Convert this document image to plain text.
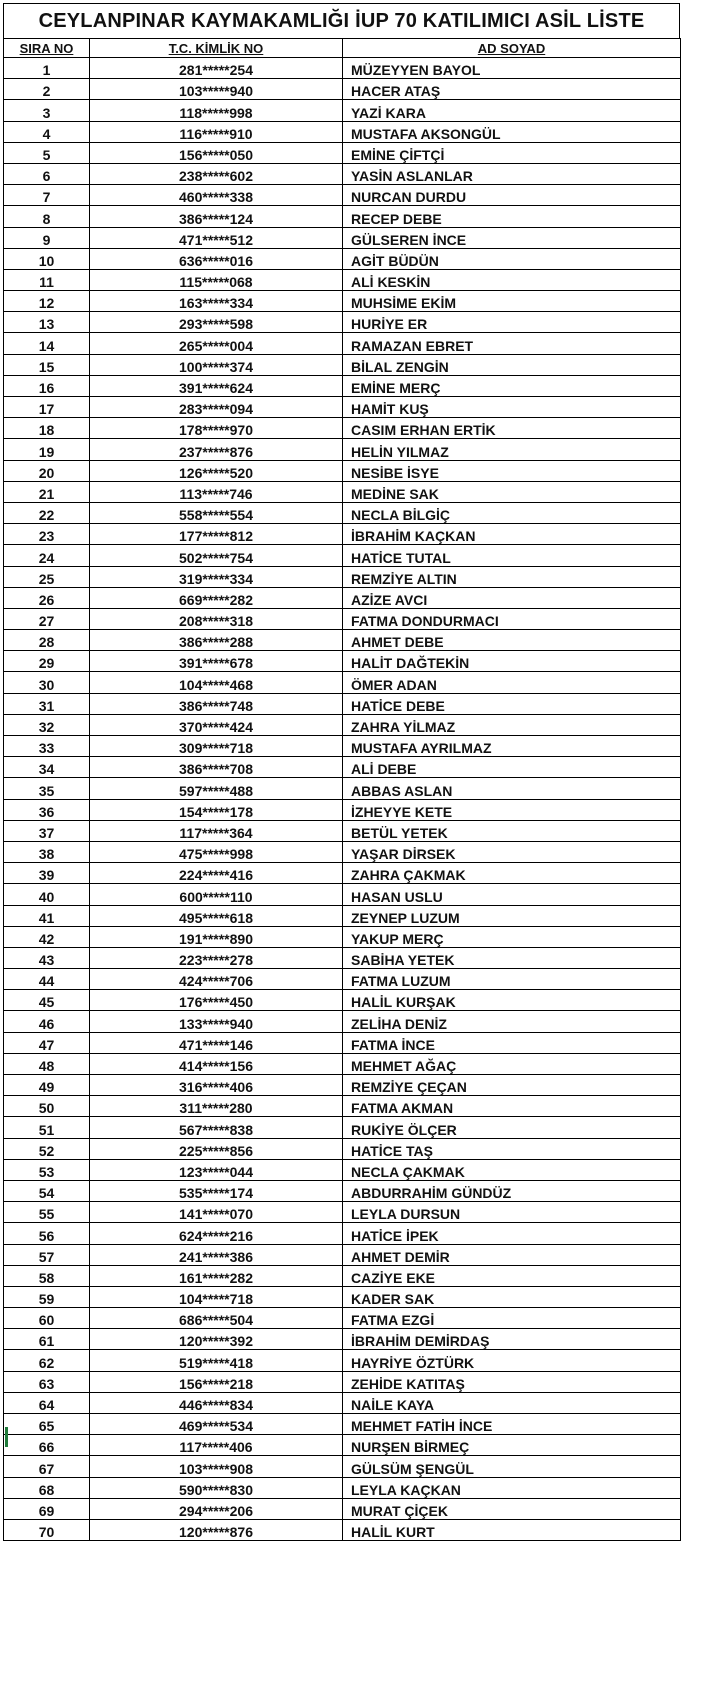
CEYLANPINAR KAYMAKAMLIĞI İUP 70 KATILIMICI ASİL LİSTE
SIRA NO	T.C. KİMLİK NO	AD SOYAD
1	281*****254	MÜZEYYEN BAYOL
2	103*****940	HACER ATAŞ
3	118*****998	YAZİ KARA
4	116*****910	MUSTAFA AKSONGÜL
5	156*****050	EMİNE ÇİFTÇİ
6	238*****602	YASİN ASLANLAR
7	460*****338	NURCAN DURDU
8	386*****124	RECEP DEBE
9	471*****512	GÜLSEREN İNCE
10	636*****016	AGİT BÜDÜN
11	115*****068	ALİ KESKİN
12	163*****334	MUHSİME EKİM
13	293*****598	HURİYE ER
14	265*****004	RAMAZAN EBRET
15	100*****374	BİLAL ZENGİN
16	391*****624	EMİNE MERÇ
17	283*****094	HAMİT KUŞ
18	178*****970	CASIM ERHAN ERTİK
19	237*****876	HELİN YILMAZ
20	126*****520	NESİBE İSYE
21	113*****746	MEDİNE SAK
22	558*****554	NECLA BİLGİÇ
23	177*****812	İBRAHİM KAÇKAN
24	502*****754	HATİCE TUTAL
25	319*****334	REMZİYE ALTIN
26	669*****282	AZİZE AVCI
27	208*****318	FATMA DONDURMACI
28	386*****288	AHMET DEBE
29	391*****678	HALİT DAĞTEKİN
30	104*****468	ÖMER ADAN
31	386*****748	HATİCE DEBE
32	370*****424	ZAHRA YİLMAZ
33	309*****718	MUSTAFA AYRILMAZ
34	386*****708	ALİ DEBE
35	597*****488	ABBAS ASLAN
36	154*****178	İZHEYYE KETE
37	117*****364	BETÜL YETEK
38	475*****998	YAŞAR DİRSEK
39	224*****416	ZAHRA ÇAKMAK
40	600*****110	HASAN USLU
41	495*****618	ZEYNEP LUZUM
42	191*****890	YAKUP MERÇ
43	223*****278	SABİHA YETEK
44	424*****706	FATMA LUZUM
45	176*****450	HALİL KURŞAK
46	133*****940	ZELİHA DENİZ
47	471*****146	FATMA İNCE
48	414*****156	MEHMET AĞAÇ
49	316*****406	REMZİYE ÇEÇAN
50	311*****280	FATMA AKMAN
51	567*****838	RUKİYE ÖLÇER
52	225*****856	HATİCE TAŞ
53	123*****044	NECLA ÇAKMAK
54	535*****174	ABDURRAHİM GÜNDÜZ
55	141*****070	LEYLA DURSUN
56	624*****216	HATİCE İPEK
57	241*****386	AHMET DEMİR
58	161*****282	CAZİYE EKE
59	104*****718	KADER SAK
60	686*****504	FATMA EZGİ
61	120*****392	İBRAHİM DEMİRDAŞ
62	519*****418	HAYRİYE ÖZTÜRK
63	156*****218	ZEHİDE KATITAŞ
64	446*****834	NAİLE KAYA
65	469*****534	MEHMET FATİH İNCE
66	117*****406	NURŞEN BİRMEÇ
67	103*****908	GÜLSÜM ŞENGÜL
68	590*****830	LEYLA KAÇKAN
69	294*****206	MURAT ÇİÇEK
70	120*****876	HALİL KURT
